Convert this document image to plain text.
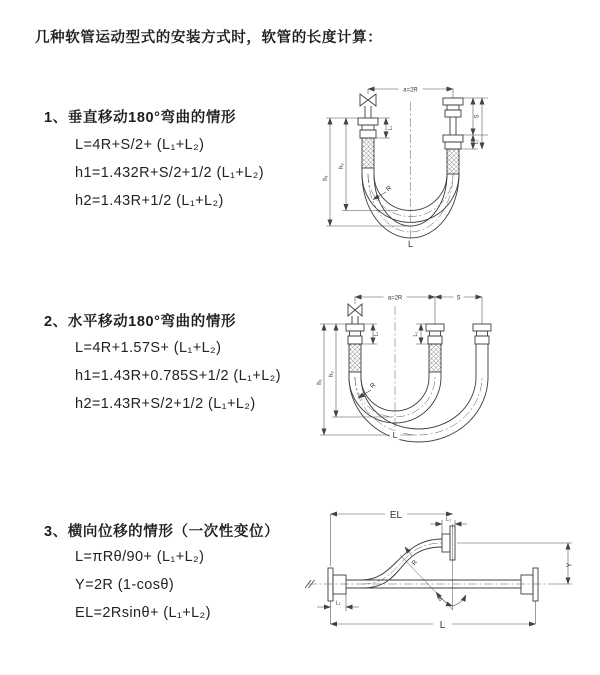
几种软管运动型式的安装方式时，软管的长度计算：
1、垂直移动180°弯曲的情形
L=4R+S/2+ (L₁+L₂)
h1=1.432R+S/2+1/2 (L₁+L₂)
h2=1.43R+1/2 (L₁+L₂)
a=2R
L₁
h₁
h₂
S
L₂
R
L
2、水平移动180°弯曲的情形
L=4R+1.57S+ (L₁+L₂)
h1=1.43R+0.785S+1/2 (L₁+L₂)
h2=1.43R+S/2+1/2 (L₁+L₂)
a=2R	S
L₁	L₂
h₁
h₂
R
L
3、横向位移的情形（一次性变位）
L=πRθ/90+ (L₁+L₂)
Y=2R (1-cosθ)
EL=2Rsinθ+ (L₁+L₂)
EL	L₁
Y
R
θ
L
L₁
